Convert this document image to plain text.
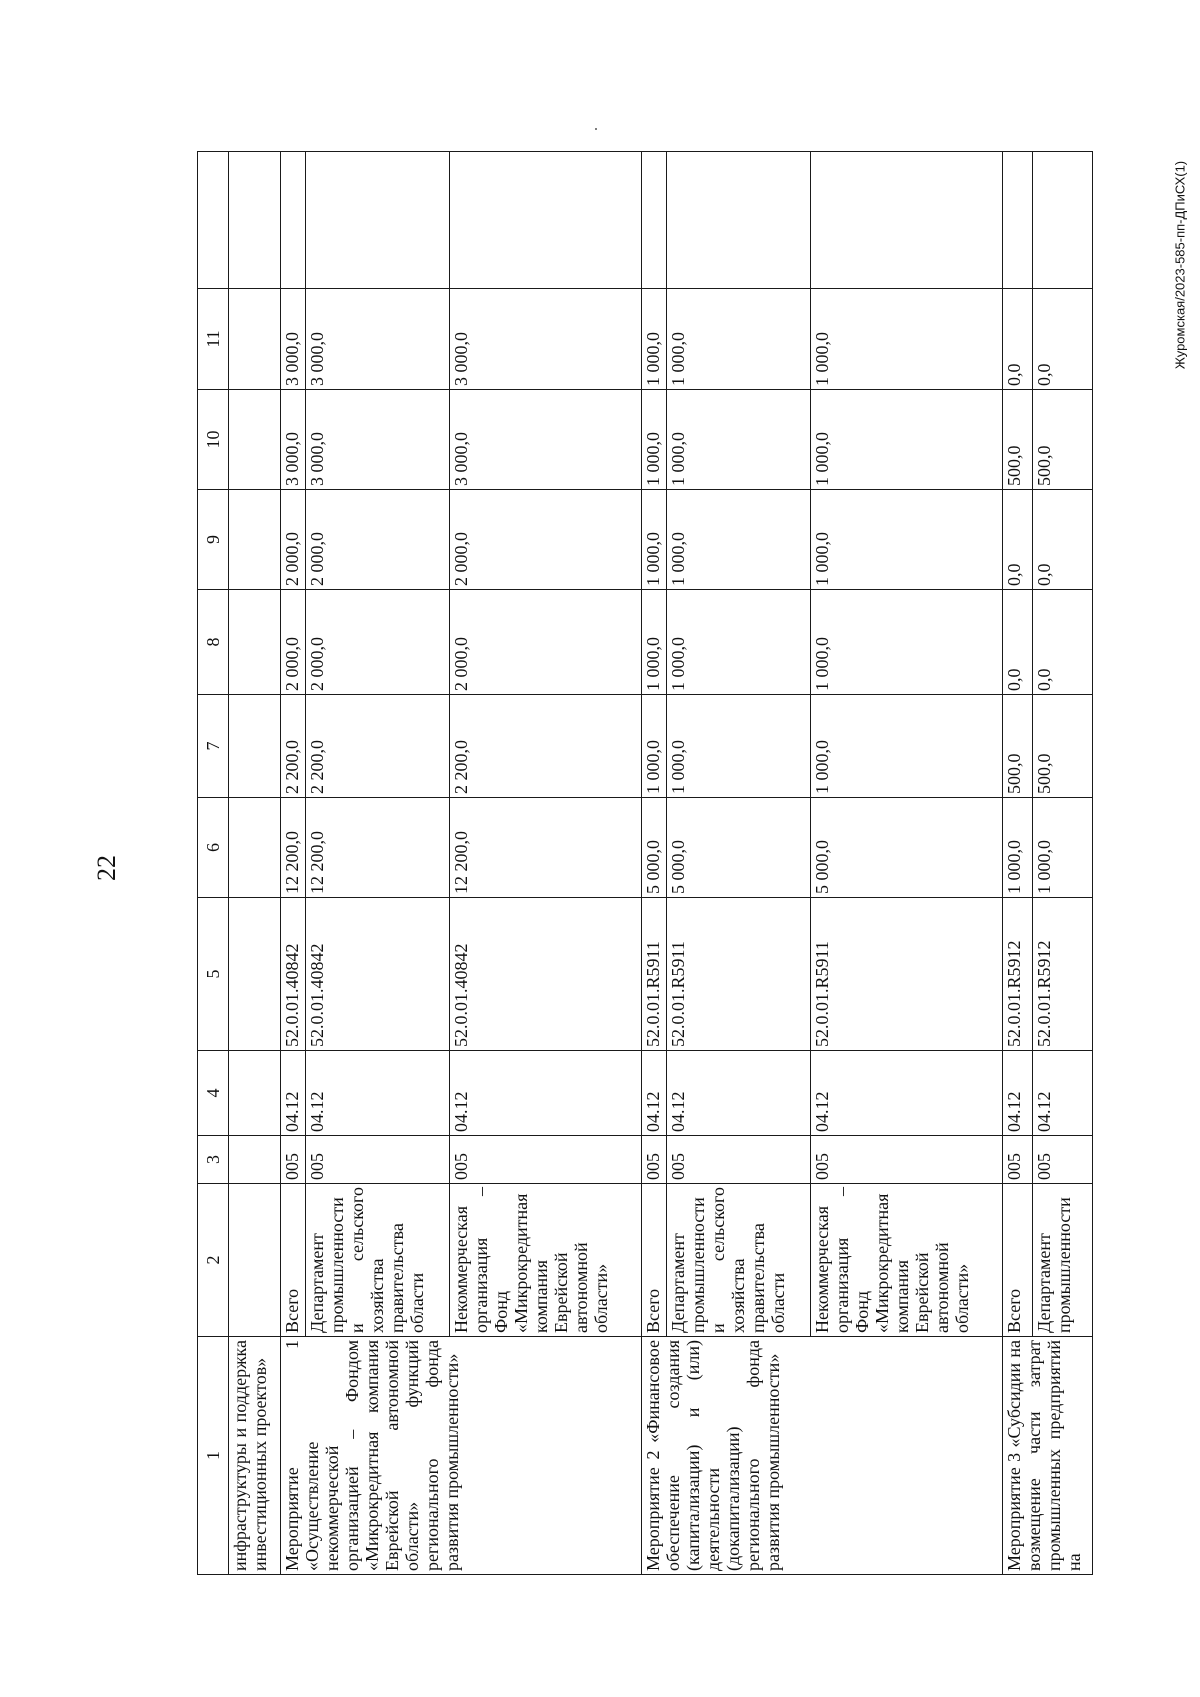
22
Журомская/2023-585-пп-ДПиСХ(1)
1	2	3	4	5	6	7	8	9	10	11	
инфраструктуры и поддержка инвестиционных проектов»											
Мероприятие 1 «Осуществление некоммерческой организацией – Фондом «Микрокредитная компания Еврейской автономной области» функций регионального фонда развития промышленности»	Всего	005	04.12	52.0.01.40842	12 200,0	2 200,0	2 000,0	2 000,0	3 000,0	3 000,0	
	Департамент промышленности и сельского хозяйства правительства области	005	04.12	52.0.01.40842	12 200,0	2 200,0	2 000,0	2 000,0	3 000,0	3 000,0	
	Некоммерческая организация – Фонд «Микрокредитная компания Еврейской автономной области»	005	04.12	52.0.01.40842	12 200,0	2 200,0	2 000,0	2 000,0	3 000,0	3 000,0	
Мероприятие 2 «Финансовое обеспечение создания (капитализации) и (или) деятельности (докапитализации) регионального фонда развития промышленности»	Всего	005	04.12	52.0.01.R5911	5 000,0	1 000,0	1 000,0	1 000,0	1 000,0	1 000,0	
	Департамент промышленности и сельского хозяйства правительства области	005	04.12	52.0.01.R5911	5 000,0	1 000,0	1 000,0	1 000,0	1 000,0	1 000,0	
	Некоммерческая организация – Фонд «Микрокредитная компания Еврейской автономной области»	005	04.12	52.0.01.R5911	5 000,0	1 000,0	1 000,0	1 000,0	1 000,0	1 000,0	
Мероприятие 3 «Субсидии на возмещение части затрат промышленных предприятий на	Всего	005	04.12	52.0.01.R5912	1 000,0	500,0	0,0	0,0	500,0	0,0	
	Департамент промышленности	005	04.12	52.0.01.R5912	1 000,0	500,0	0,0	0,0	500,0	0,0	
